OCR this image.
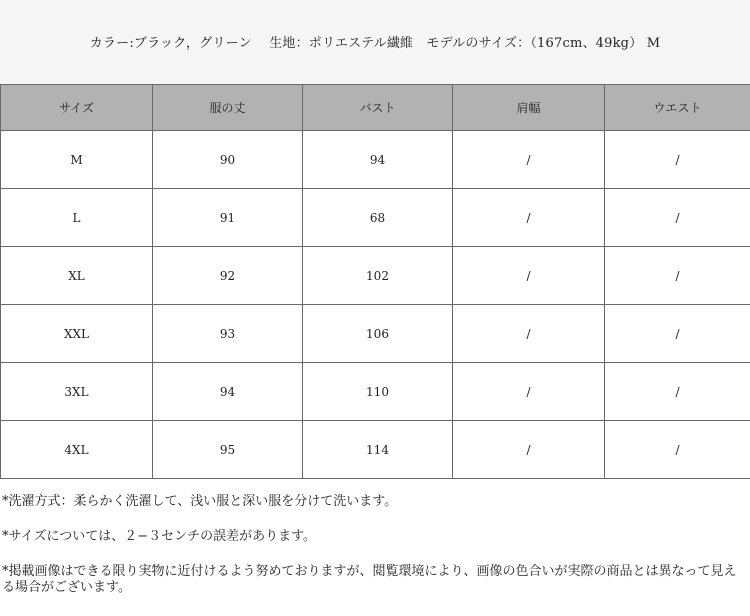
カラー:ブラック，グリーン　 生地：ポリエステル繊維　モデルのサイズ：（167cm、49kg） M
サイズ	服の丈	バスト	肩幅	ウエスト
M	90	94	/	/
L	91	68	/	/
XL	92	102	/	/
XXL	93	106	/	/
3XL	94	110	/	/
4XL	95	114	/	/

*洗濯方式：柔らかく洗濯して、浅い服と深い服を分けて洗います。

*サイズについては、２−３センチの誤差があります。

*掲載画像はできる限り実物に近付けるよう努めておりますが、閲覧環境により、画像の色合いが実際の商品とは異なって見える場合がございます。
